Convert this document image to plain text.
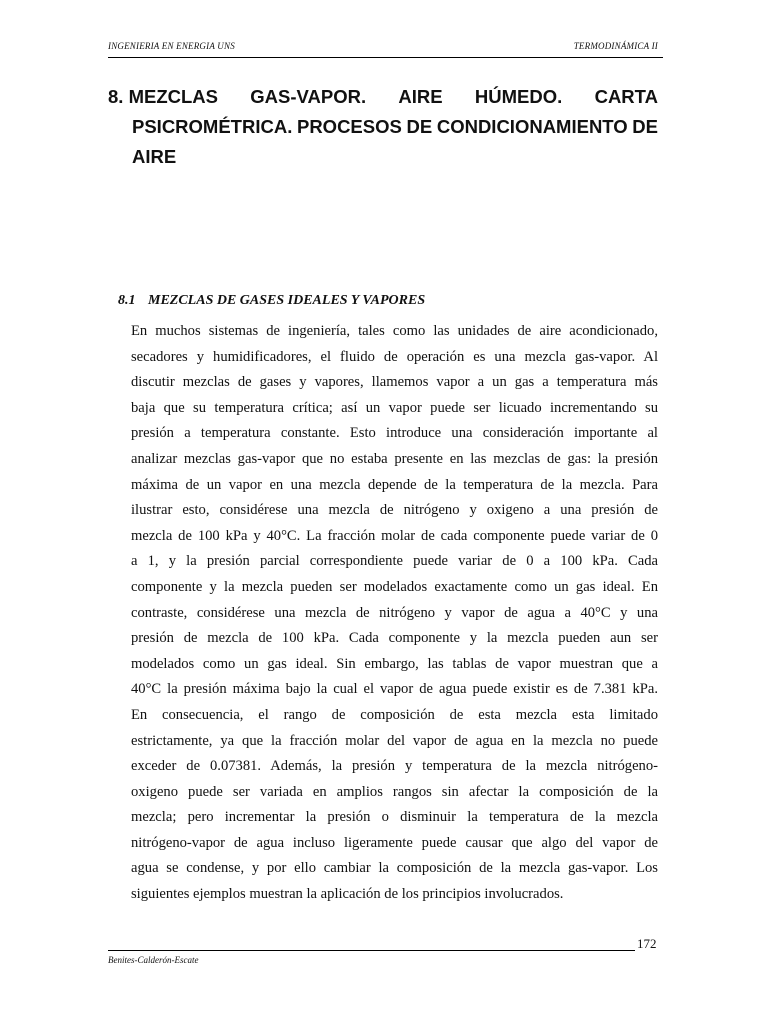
INGENIERIA EN ENERGIA UNS	TERMODINÁMICA II
8. MEZCLAS GAS-VAPOR. AIRE HÚMEDO. CARTA
PSICROMÉTRICA. PROCESOS DE CONDICIONAMIENTO DE
AIRE
8.1 MEZCLAS DE GASES IDEALES Y VAPORES

En muchos sistemas de ingeniería, tales como las unidades de aire acondicionado,
secadores y humidificadores, el fluido de operación es una mezcla gas-vapor. Al
discutir mezclas de gases y vapores, llamemos vapor a un gas a temperatura más
baja que su temperatura crítica; así un vapor puede ser licuado incrementando su
presión a temperatura constante. Esto introduce una consideración importante al
analizar mezclas gas-vapor que no estaba presente en las mezclas de gas: la presión
máxima de un vapor en una mezcla depende de la temperatura de la mezcla. Para
ilustrar esto, considérese una mezcla de nitrógeno y oxigeno a una presión de
mezcla de 100 kPa y 40°C. La fracción molar de cada componente puede variar de 0
a 1, y la presión parcial correspondiente puede variar de 0 a 100 kPa. Cada
componente y la mezcla pueden ser modelados exactamente como un gas ideal. En
contraste, considérese una mezcla de nitrógeno y vapor de agua a 40°C y una
presión de mezcla de 100 kPa. Cada componente y la mezcla pueden aun ser
modelados como un gas ideal. Sin embargo, las tablas de vapor muestran que a
40°C la presión máxima bajo la cual el vapor de agua puede existir es de 7.381 kPa.
En consecuencia, el rango de composición de esta mezcla esta limitado
estrictamente, ya que la fracción molar del vapor de agua en la mezcla no puede
exceder de 0.07381. Además, la presión y temperatura de la mezcla nitrógeno-
oxigeno puede ser variada en amplios rangos sin afectar la composición de la
mezcla; pero incrementar la presión o disminuir la temperatura de la mezcla
nitrógeno-vapor de agua incluso ligeramente puede causar que algo del vapor de
agua se condense, y por ello cambiar la composición de la mezcla gas-vapor. Los
siguientes ejemplos muestran la aplicación de los principios involucrados.

172
Benites-Calderón-Escate
